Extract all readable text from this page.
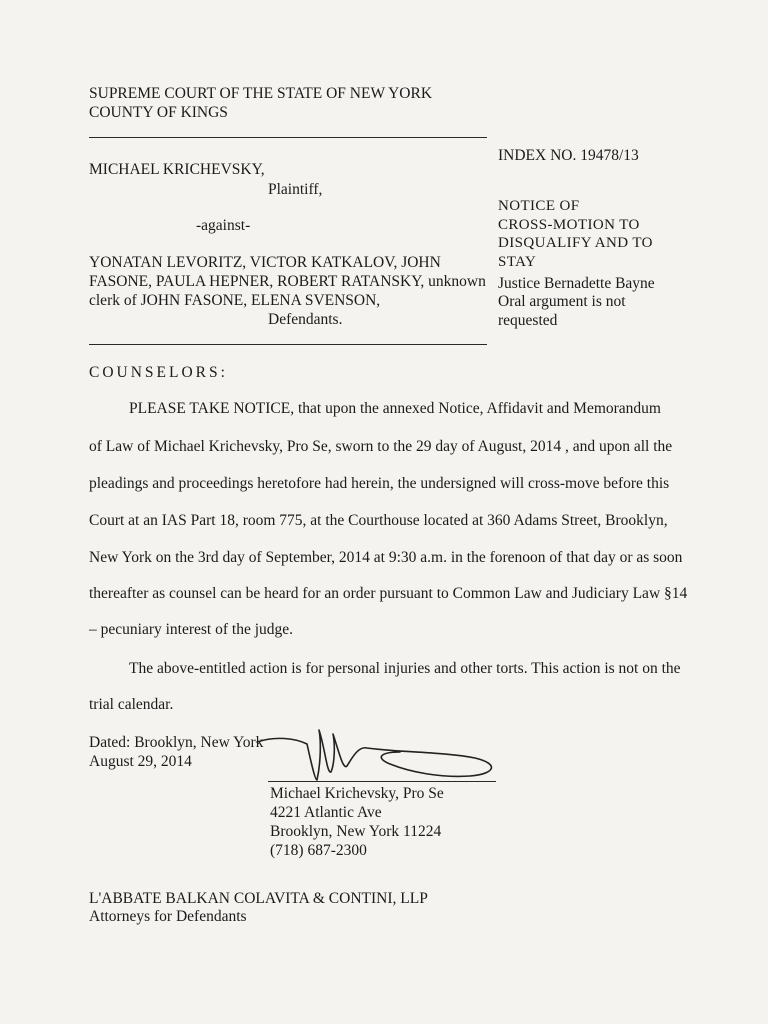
SUPREME COURT OF THE STATE OF NEW YORK
COUNTY OF KINGS
MICHAEL KRICHEVSKY,
Plaintiff,
-against-
YONATAN LEVORITZ, VICTOR KATKALOV, JOHN
FASONE, PAULA HEPNER, ROBERT RATANSKY, unknown
clerk of JOHN FASONE, ELENA SVENSON,
Defendants.
INDEX NO. 19478/13
NOTICE OF
CROSS-MOTION TO
DISQUALIFY AND TO
STAY
Justice Bernadette Bayne
Oral argument is not
requested
COUNSELORS:
PLEASE TAKE NOTICE, that upon the annexed Notice, Affidavit and Memorandum
of Law of Michael Krichevsky, Pro Se, sworn to the 29 day of August, 2014 , and upon all the
pleadings and proceedings heretofore had herein, the undersigned will cross-move before this
Court at an IAS Part 18, room 775, at the Courthouse located at 360 Adams Street, Brooklyn,
New York on the 3rd day of September, 2014 at 9:30 a.m. in the forenoon of that day or as soon
thereafter as counsel can be heard for an order pursuant to Common Law and Judiciary Law §14
– pecuniary interest of the judge.
The above-entitled action is for personal injuries and other torts. This action is not on the
trial calendar.
Dated: Brooklyn, New York
August 29, 2014
Michael Krichevsky, Pro Se
4221 Atlantic Ave
Brooklyn, New York 11224
(718) 687-2300
L'ABBATE BALKAN COLAVITA & CONTINI, LLP
Attorneys for Defendants
